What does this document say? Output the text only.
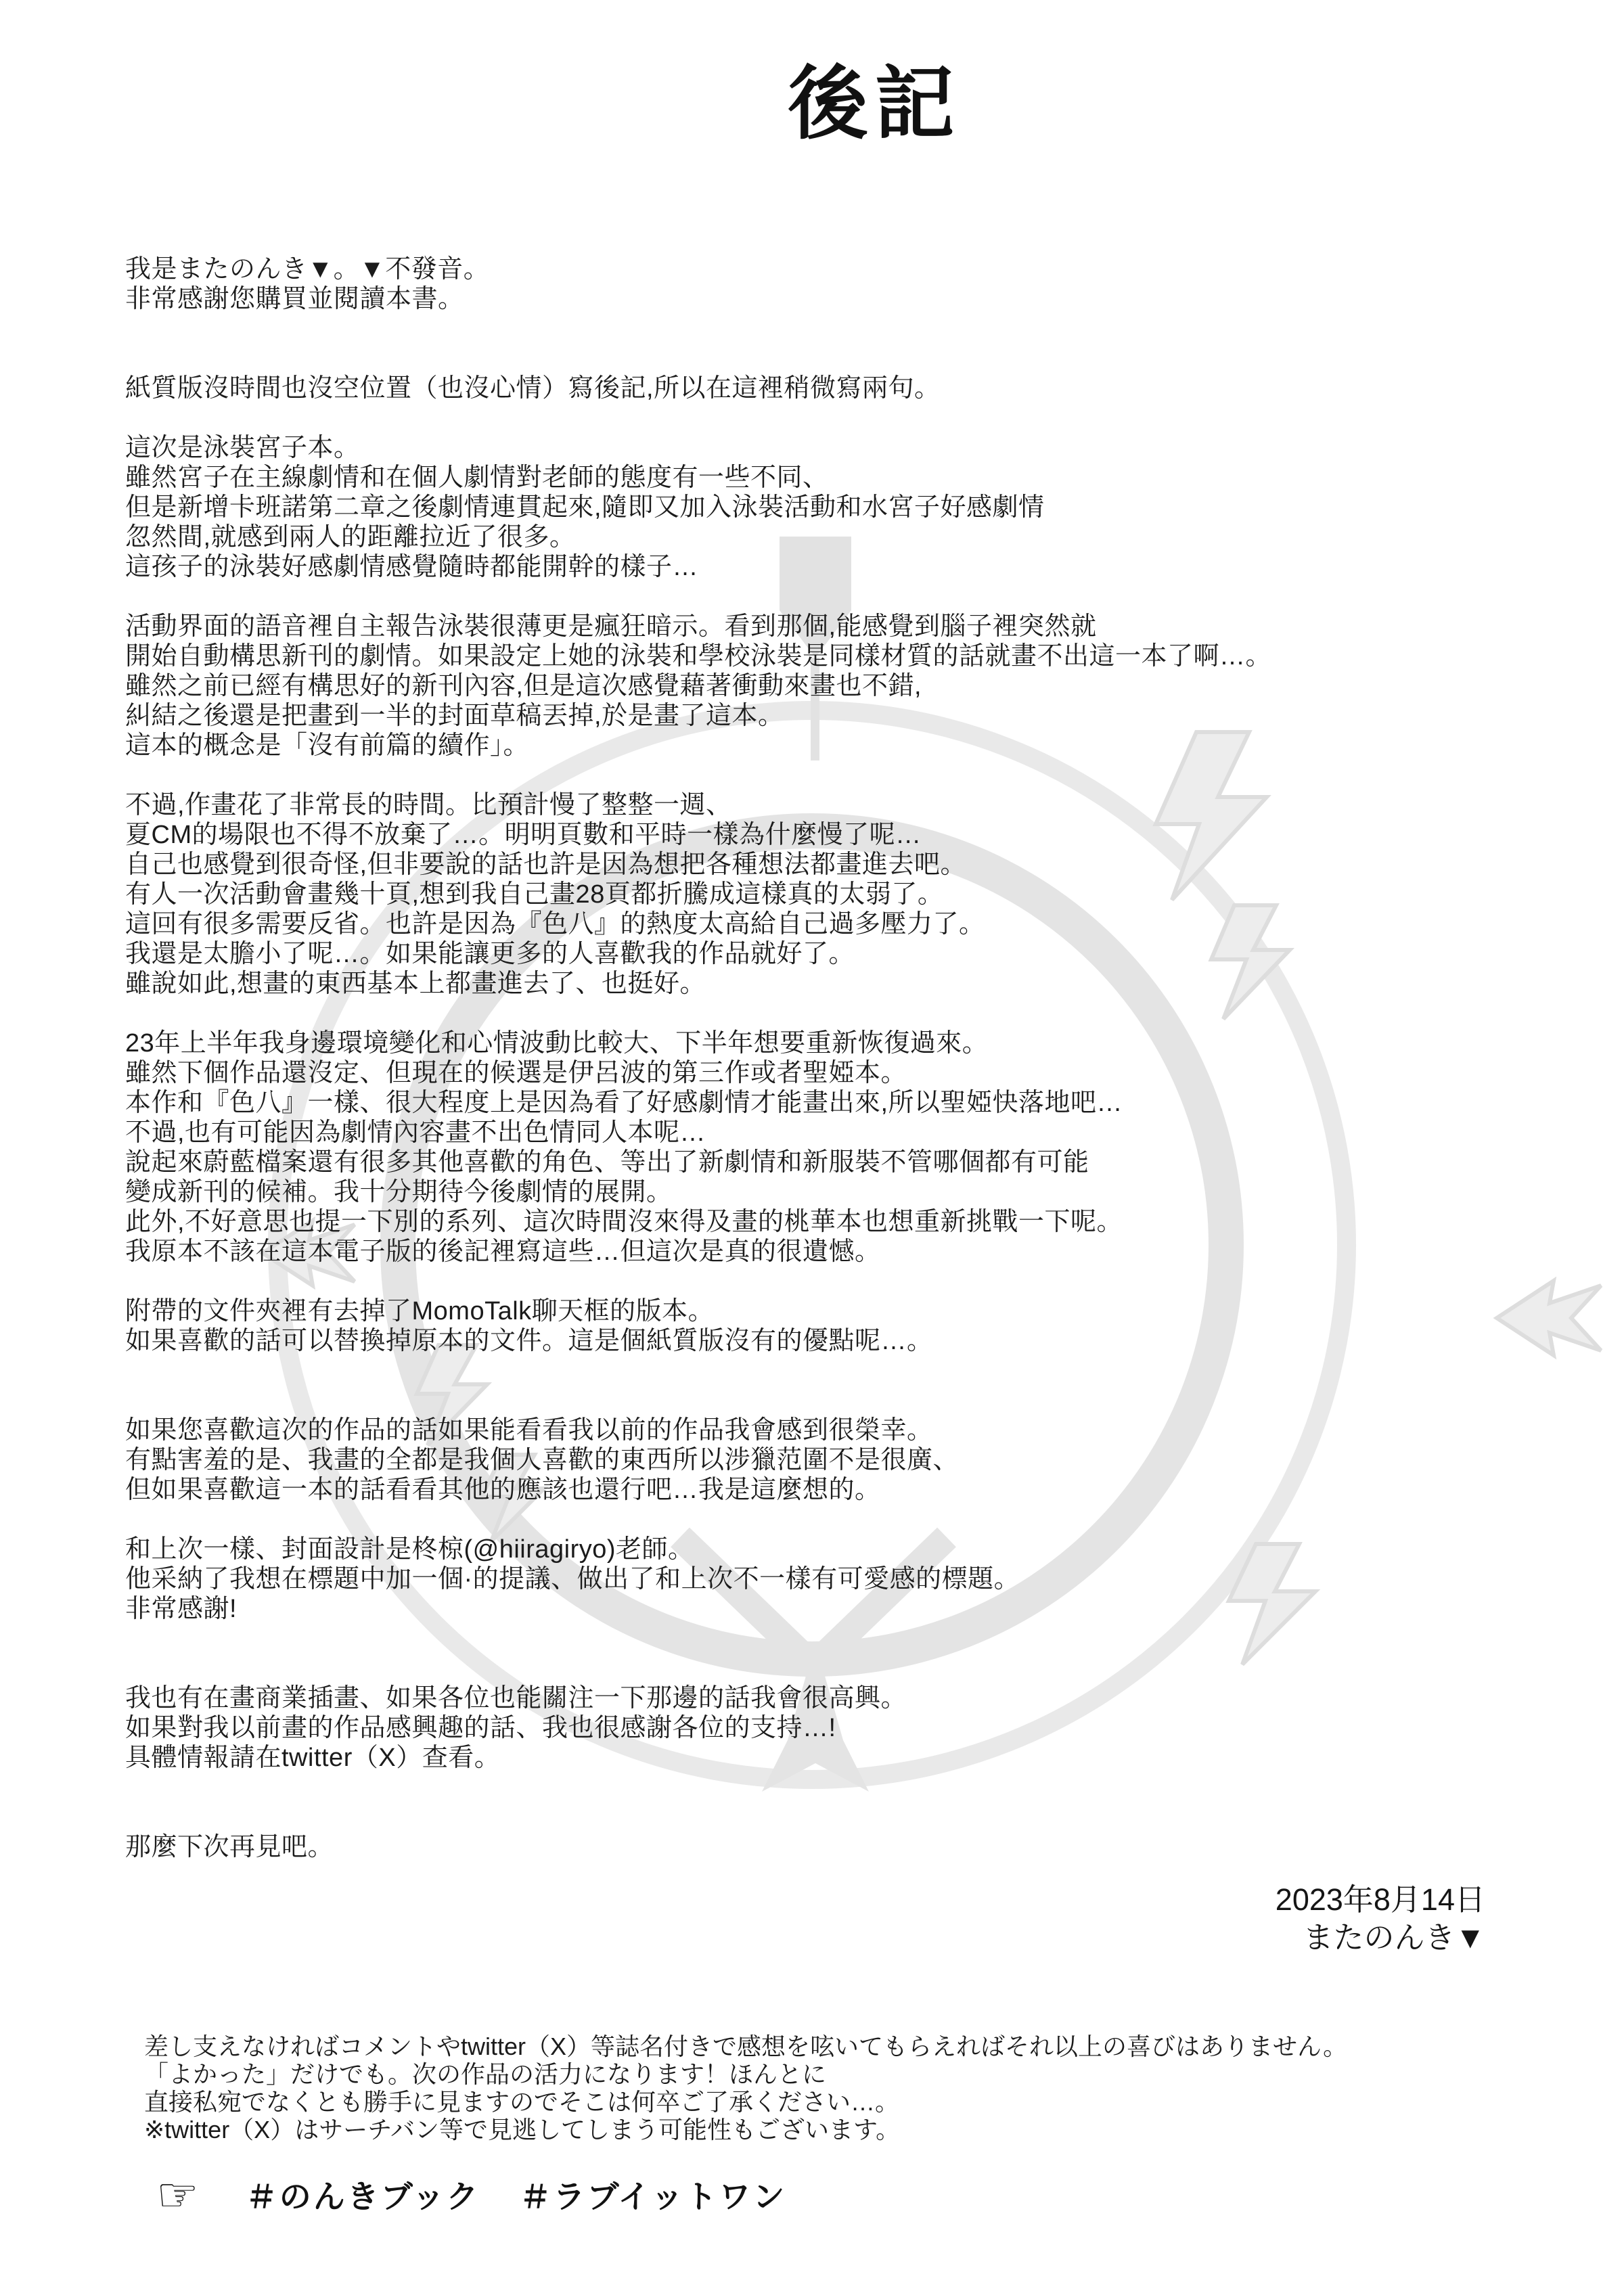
後記
我是またのんき▼。▼不發音。
非常感謝您購買並閱讀本書。

紙質版沒時間也沒空位置（也沒心情）寫後記,所以在這裡稍微寫兩句。

這次是泳裝宮子本。
雖然宮子在主線劇情和在個人劇情對老師的態度有一些不同、
但是新增卡班諾第二章之後劇情連貫起來,隨即又加入泳裝活動和水宮子好感劇情
忽然間,就感到兩人的距離拉近了很多。
這孩子的泳裝好感劇情感覺隨時都能開幹的樣子…

活動界面的語音裡自主報告泳裝很薄更是瘋狂暗示。看到那個,能感覺到腦子裡突然就
開始自動構思新刊的劇情。如果設定上她的泳裝和學校泳裝是同樣材質的話就畫不出這一本了啊…。
雖然之前已經有構思好的新刊內容,但是這次感覺藉著衝動來畫也不錯,
糾結之後還是把畫到一半的封面草稿丟掉,於是畫了這本。
這本的概念是「沒有前篇的續作」。

不過,作畫花了非常長的時間。比預計慢了整整一週、
夏CM的場限也不得不放棄了…。明明頁數和平時一樣為什麼慢了呢…
自己也感覺到很奇怪,但非要說的話也許是因為想把各種想法都畫進去吧。
有人一次活動會畫幾十頁,想到我自己畫28頁都折騰成這樣真的太弱了。
這回有很多需要反省。也許是因為『色八』的熱度太高給自己過多壓力了。
我還是太膽小了呢…。如果能讓更多的人喜歡我的作品就好了。
雖說如此,想畫的東西基本上都畫進去了、也挺好。

23年上半年我身邊環境變化和心情波動比較大、下半年想要重新恢復過來。
雖然下個作品還沒定、但現在的候選是伊呂波的第三作或者聖婭本。
本作和『色八』一樣、很大程度上是因為看了好感劇情才能畫出來,所以聖婭快落地吧…
不過,也有可能因為劇情內容畫不出色情同人本呢…
說起來蔚藍檔案還有很多其他喜歡的角色、等出了新劇情和新服裝不管哪個都有可能
變成新刊的候補。我十分期待今後劇情的展開。
此外,不好意思也提一下別的系列、這次時間沒來得及畫的桃華本也想重新挑戰一下呢。
我原本不該在這本電子版的後記裡寫這些…但這次是真的很遺憾。

附帶的文件夾裡有去掉了MomoTalk聊天框的版本。
如果喜歡的話可以替換掉原本的文件。這是個紙質版沒有的優點呢…。

如果您喜歡這次的作品的話如果能看看我以前的作品我會感到很榮幸。
有點害羞的是、我畫的全都是我個人喜歡的東西所以涉獵范圍不是很廣、
但如果喜歡這一本的話看看其他的應該也還行吧…我是這麼想的。

和上次一樣、封面設計是柊椋(@hiiragiryo)老師。
他采納了我想在標題中加一個·的提議、做出了和上次不一樣有可愛感的標題。
非常感謝!

我也有在畫商業插畫、如果各位也能關注一下那邊的話我會很高興。
如果對我以前畫的作品感興趣的話、我也很感謝各位的支持…!
具體情報請在twitter（X）查看。

那麼下次再見吧。
2023年8月14日
またのんき▼
差し支えなければコメントやtwitter（X）等誌名付きで感想を呟いてもらえればそれ以上の喜びはありません。
「よかった」だけでも。次の作品の活力になります！ほんとに
直接私宛でなくとも勝手に見ますのでそこは何卒ご了承ください…。
※twitter（X）はサーチバン等で見逃してしまう可能性もございます。
☞ ＃のんきブック ＃ラブイットワン
